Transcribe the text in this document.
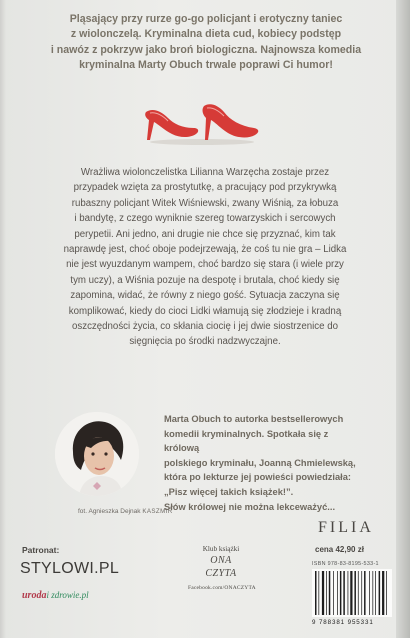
Pląsający przy rurze go-go policjant i erotyczny taniec
z wiolonczelą. Kryminalna dieta cud, kobiecy podstęp
i nawóz z pokrzyw jako broń biologiczna. Najnowsza komedia
kryminalna Marty Obuch trwale poprawi Ci humor!
Wrażliwa wiolonczelistka Lilianna Warzęcha zostaje przez
przypadek wzięta za prostytutkę, a pracujący pod przykrywką
rubaszny policjant Witek Wiśniewski, zwany Wiśnią, za łobuza
i bandytę, z czego wyniknie szereg towarzyskich i sercowych
perypetii. Ani jedno, ani drugie nie chce się przyznać, kim tak
naprawdę jest, choć oboje podejrzewają, że coś tu nie gra – Lidka
nie jest wyuzdanym wampem, choć bardzo się stara (i wiele przy
tym uczy), a Wiśnia pozuje na despotę i brutala, choć kiedy się
zapomina, widać, że równy z niego gość. Sytuacja zaczyna się
komplikować, kiedy do cioci Lidki włamują się złodzieje i kradną
oszczędności życia, co skłania ciocię i jej dwie siostrzenice do
sięgnięcia po środki nadzwyczajne.
Marta Obuch to autorka bestsellerowych
komedii kryminalnych. Spotkała się z królową
polskiego kryminału, Joanną Chmielewską,
która po lekturze jej powieści powiedziała:
„Pisz więcej takich książek!”.
Słów królowej nie można lekceważyć...
fot. Agnieszka Dejnak KASZMIR
FILIA
cena 42,90 zł
Patronat:
STYLOWI.PL
urodai zdrowie.pl
Klub książki
ONA
CZYTA
Facebook.com/ONACZYTA
ISBN 978-83-8195-533-1
9 788381 955331
